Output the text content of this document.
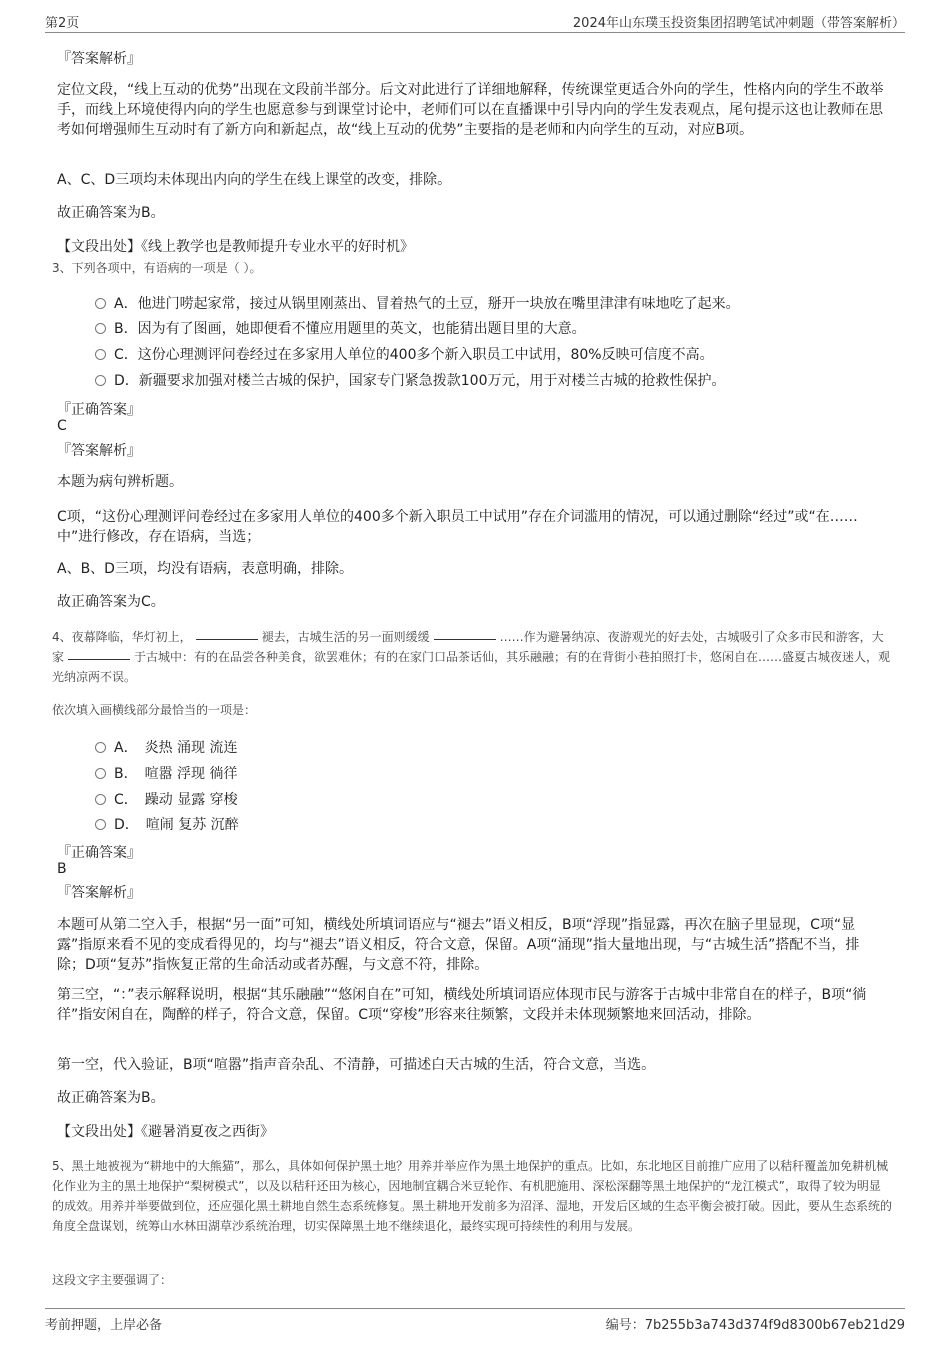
第2页	2024年山东璞玉投资集团招聘笔试冲刺题（带答案解析）
『答案解析』
定位文段，“线上互动的优势”出现在文段前半部分。后文对此进行了详细地解释，传统课堂更适合外向的学生，性格内向的学生不敢举手，而线上环境使得内向的学生也愿意参与到课堂讨论中，老师们可以在直播课中引导内向的学生发表观点，尾句提示这也让教师在思考如何增强师生互动时有了新方向和新起点，故“线上互动的优势”主要指的是老师和内向学生的互动，对应B项。
A、C、D三项均未体现出内向的学生在线上课堂的改变，排除。
故正确答案为B。
【文段出处】《线上教学也是教师提升专业水平的好时机》
3、下列各项中，有语病的一项是（ ）。
A．他进门唠起家常，接过从锅里刚蒸出、冒着热气的土豆，掰开一块放在嘴里津津有味地吃了起来。
B．因为有了图画，她即便看不懂应用题里的英文，也能猜出题目里的大意。
C．这份心理测评问卷经过在多家用人单位的400多个新入职员工中试用，80%反映可信度不高。
D．新疆要求加强对楼兰古城的保护，国家专门紧急拨款100万元，用于对楼兰古城的抢救性保护。
『正确答案』
C
『答案解析』
本题为病句辨析题。
C项，“这份心理测评问卷经过在多家用人单位的400多个新入职员工中试用”存在介词滥用的情况，可以通过删除“经过”或“在……中”进行修改，存在语病，当选；
A、B、D三项，均没有语病，表意明确，排除。
故正确答案为C。
4、夜幕降临，华灯初上，	褪去，古城生活的另一面则缓缓	……作为避暑纳凉、夜游观光的好去处，古城吸引了众多市民和游客，大家	于古城中：有的在品尝各种美食，欲罢难休；有的在家门口品茶话仙，其乐融融；有的在背街小巷拍照打卡，悠闲自在……盛夏古城夜迷人，观光纳凉两不误。
依次填入画横线部分最恰当的一项是：
A．　炎热 涌现 流连
B．　喧嚣 浮现 徜徉
C．　躁动 显露 穿梭
D．　喧闹 复苏 沉醉
『正确答案』
B
『答案解析』
本题可从第二空入手，根据“另一面”可知，横线处所填词语应与“褪去”语义相反，B项“浮现”指显露，再次在脑子里显现，C项“显露”指原来看不见的变成看得见的，均与“褪去”语义相反，符合文意，保留。A项“涌现”指大量地出现，与“古城生活”搭配不当，排除；D项“复苏”指恢复正常的生命活动或者苏醒，与文意不符，排除。
第三空，“：”表示解释说明，根据“其乐融融”“悠闲自在”可知，横线处所填词语应体现市民与游客于古城中非常自在的样子，B项“徜徉”指安闲自在，陶醉的样子，符合文意，保留。C项“穿梭”形容来往频繁，文段并未体现频繁地来回活动，排除。
第一空，代入验证，B项“喧嚣”指声音杂乱、不清静，可描述白天古城的生活，符合文意，当选。
故正确答案为B。
【文段出处】《避暑消夏夜之西街》
5、黑土地被视为“耕地中的大熊猫”，那么，具体如何保护黑土地？用养并举应作为黑土地保护的重点。比如，东北地区目前推广应用了以秸秆覆盖加免耕机械化作业为主的黑土地保护“梨树模式”，以及以秸秆还田为核心，因地制宜耦合米豆轮作、有机肥施用、深松深翻等黑土地保护的“龙江模式”，取得了较为明显的成效。用养并举要做到位，还应强化黑土耕地自然生态系统修复。黑土耕地开发前多为沼泽、湿地，开发后区域的生态平衡会被打破。因此，要从生态系统的角度全盘谋划，统筹山水林田湖草沙系统治理，切实保障黑土地不继续退化，最终实现可持续性的利用与发展。
这段文字主要强调了：
考前押题，上岸必备	编号：7b255b3a743d374f9d8300b67eb21d29
